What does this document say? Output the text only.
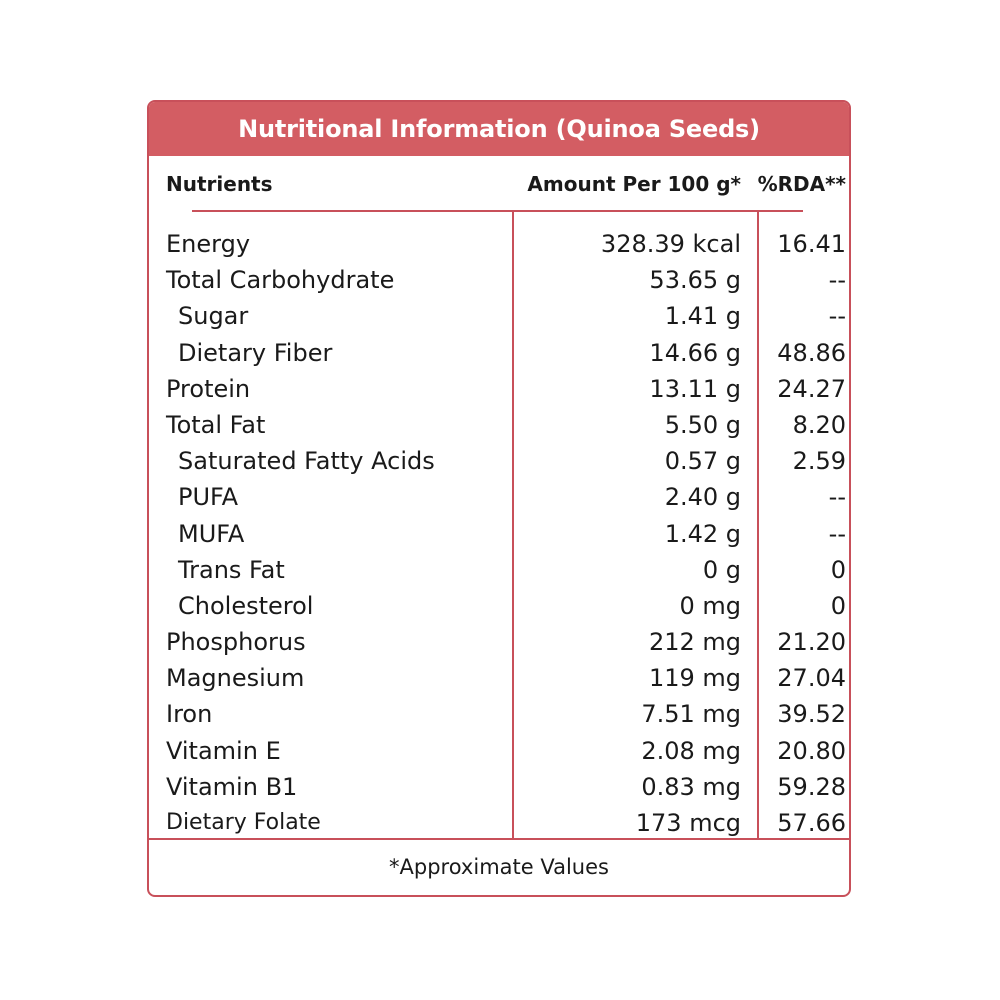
Nutritional Information (Quinoa Seeds)
Nutrients	Amount Per 100 g* %RDA**
Energy	328.39 kcal 16.41
Total Carbohydrate	53.65 g	--
Sugar	1.41 g	--
Dietary Fiber	14.66 g 48.86
Protein	13.11 g 24.27
Total Fat	5.50 g 8.20
Saturated Fatty Acids	0.57 g 2.59
PUFA	2.40 g	--
MUFA	1.42 g	--
Trans Fat	0 g	0
Cholesterol	0 mg	0
Phosphorus	212 mg 21.20
Magnesium	119 mg 27.04
Iron	7.51 mg 39.52
Vitamin E	2.08 mg 20.80
Vitamin B1	0.83 mg 59.28
Dietary Folate	173 mcg 57.66
*Approximate Values
